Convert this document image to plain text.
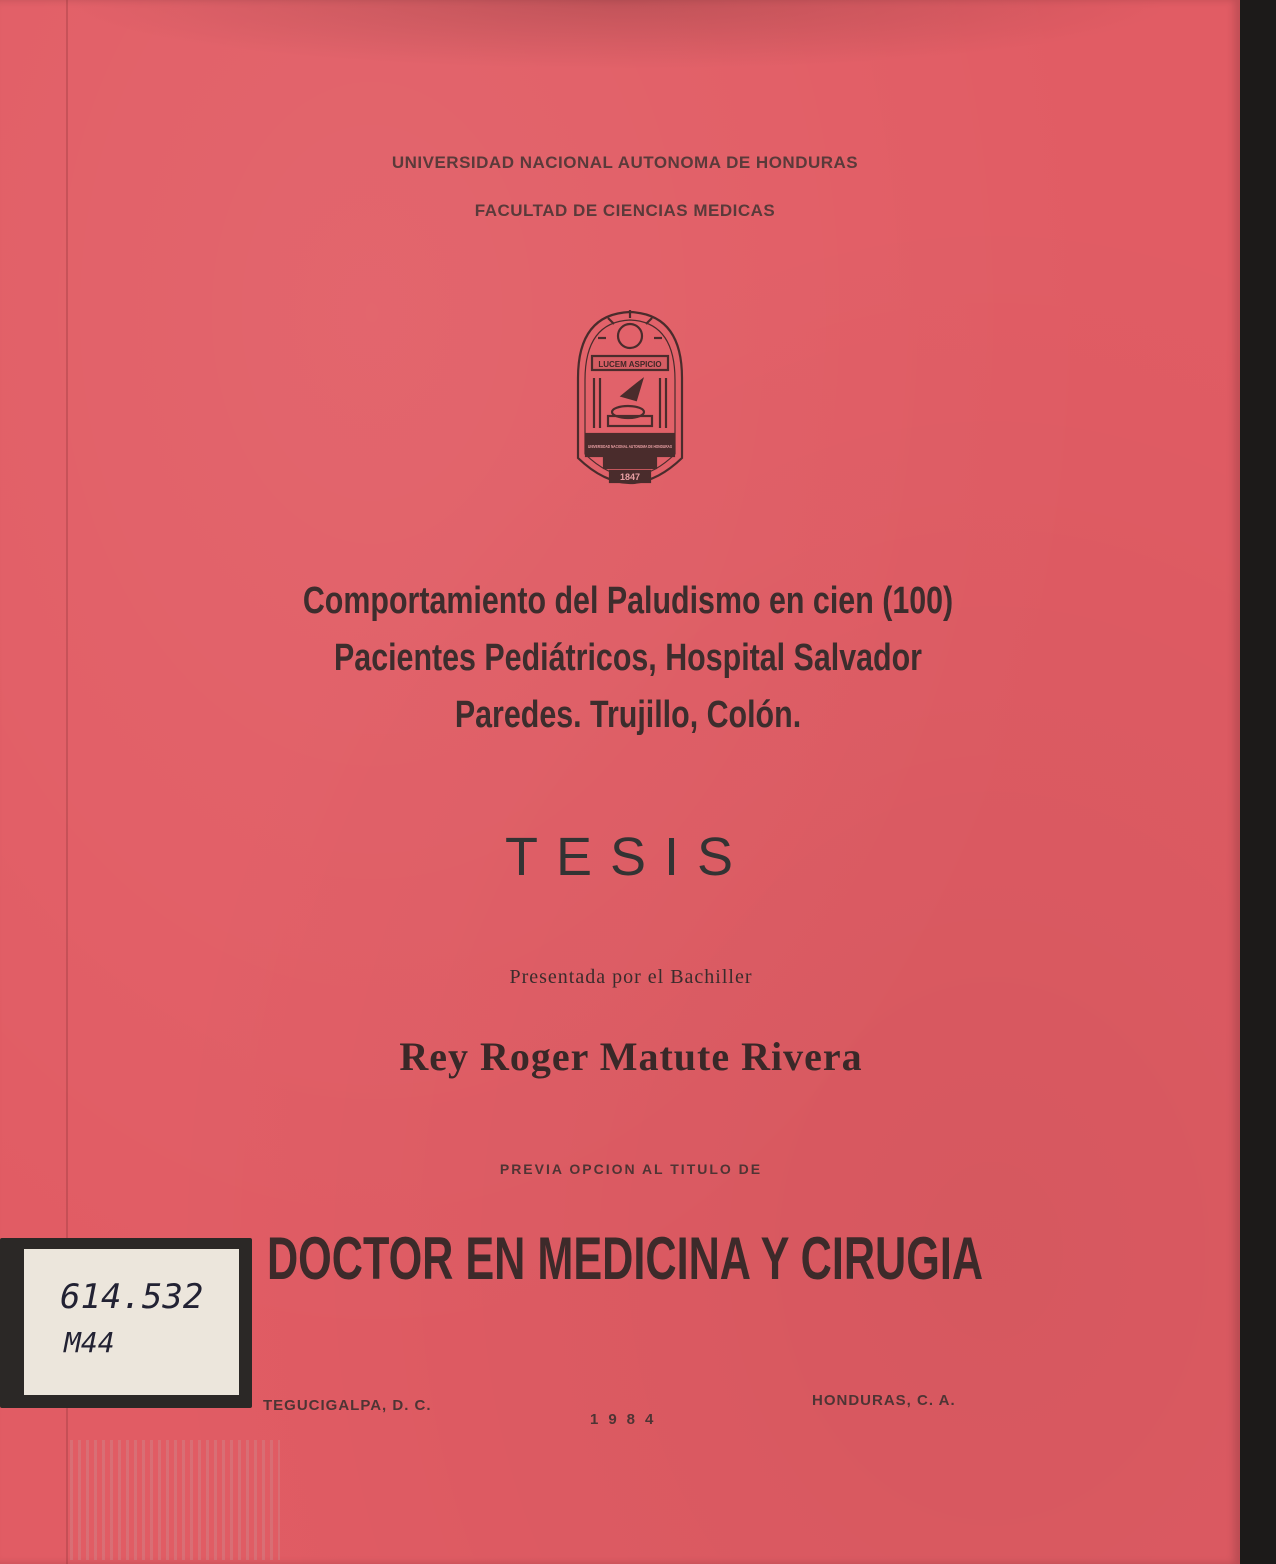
UNIVERSIDAD NACIONAL AUTONOMA DE HONDURAS
FACULTAD DE CIENCIAS MEDICAS
LUCEM ASPICIO
UNIVERSIDAD NACIONAL AUTONOMA DE HONDURAS
1847
Comportamiento del Paludismo en cien (100)
Pacientes Pediátricos, Hospital Salvador
Paredes. Trujillo, Colón.
TESIS
Presentada por el Bachiller
Rey Roger Matute Rivera
PREVIA OPCION AL TITULO DE
DOCTOR EN MEDICINA Y CIRUGIA
TEGUCIGALPA, D. C.
1984
HONDURAS, C. A.
614.532
M44
